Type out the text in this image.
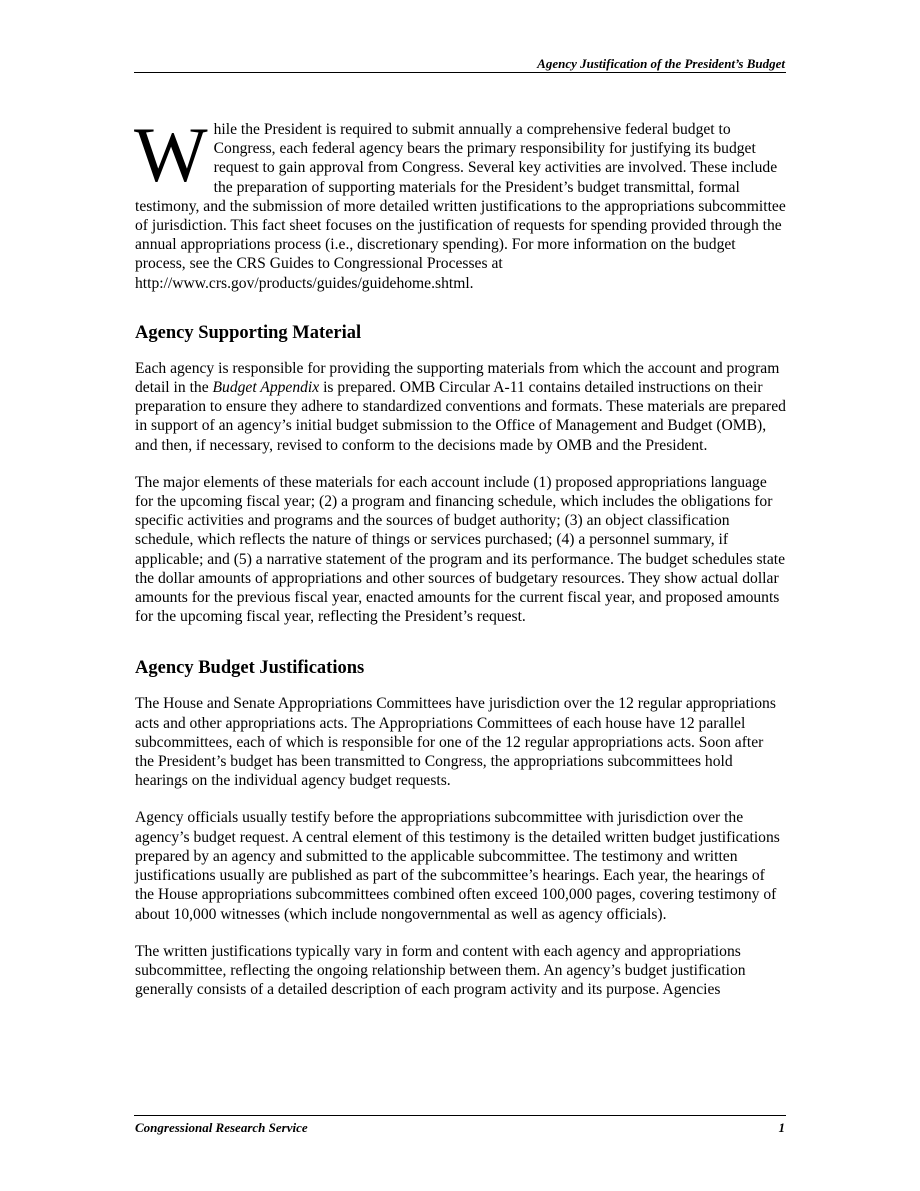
Agency Justification of the President’s Budget

While the President is required to submit annually a comprehensive federal budget to Congress, each federal agency bears the primary responsibility for justifying its budget request to gain approval from Congress. Several key activities are involved. These include the preparation of supporting materials for the President’s budget transmittal, formal testimony, and the submission of more detailed written justifications to the appropriations subcommittee of jurisdiction. This fact sheet focuses on the justification of requests for spending provided through the annual appropriations process (i.e., discretionary spending). For more information on the budget process, see the CRS Guides to Congressional Processes at http://www.crs.gov/products/guides/guidehome.shtml.

Agency Supporting Material

Each agency is responsible for providing the supporting materials from which the account and program detail in the Budget Appendix is prepared. OMB Circular A-11 contains detailed instructions on their preparation to ensure they adhere to standardized conventions and formats. These materials are prepared in support of an agency’s initial budget submission to the Office of Management and Budget (OMB), and then, if necessary, revised to conform to the decisions made by OMB and the President.

The major elements of these materials for each account include (1) proposed appropriations language for the upcoming fiscal year; (2) a program and financing schedule, which includes the obligations for specific activities and programs and the sources of budget authority; (3) an object classification schedule, which reflects the nature of things or services purchased; (4) a personnel summary, if applicable; and (5) a narrative statement of the program and its performance. The budget schedules state the dollar amounts of appropriations and other sources of budgetary resources. They show actual dollar amounts for the previous fiscal year, enacted amounts for the current fiscal year, and proposed amounts for the upcoming fiscal year, reflecting the President’s request.

Agency Budget Justifications

The House and Senate Appropriations Committees have jurisdiction over the 12 regular appropriations acts and other appropriations acts. The Appropriations Committees of each house have 12 parallel subcommittees, each of which is responsible for one of the 12 regular appropriations acts. Soon after the President’s budget has been transmitted to Congress, the appropriations subcommittees hold hearings on the individual agency budget requests.

Agency officials usually testify before the appropriations subcommittee with jurisdiction over the agency’s budget request. A central element of this testimony is the detailed written budget justifications prepared by an agency and submitted to the applicable subcommittee. The testimony and written justifications usually are published as part of the subcommittee’s hearings. Each year, the hearings of the House appropriations subcommittees combined often exceed 100,000 pages, covering testimony of about 10,000 witnesses (which include nongovernmental as well as agency officials).

The written justifications typically vary in form and content with each agency and appropriations subcommittee, reflecting the ongoing relationship between them. An agency’s budget justification generally consists of a detailed description of each program activity and its purpose. Agencies

Congressional Research Service	1
